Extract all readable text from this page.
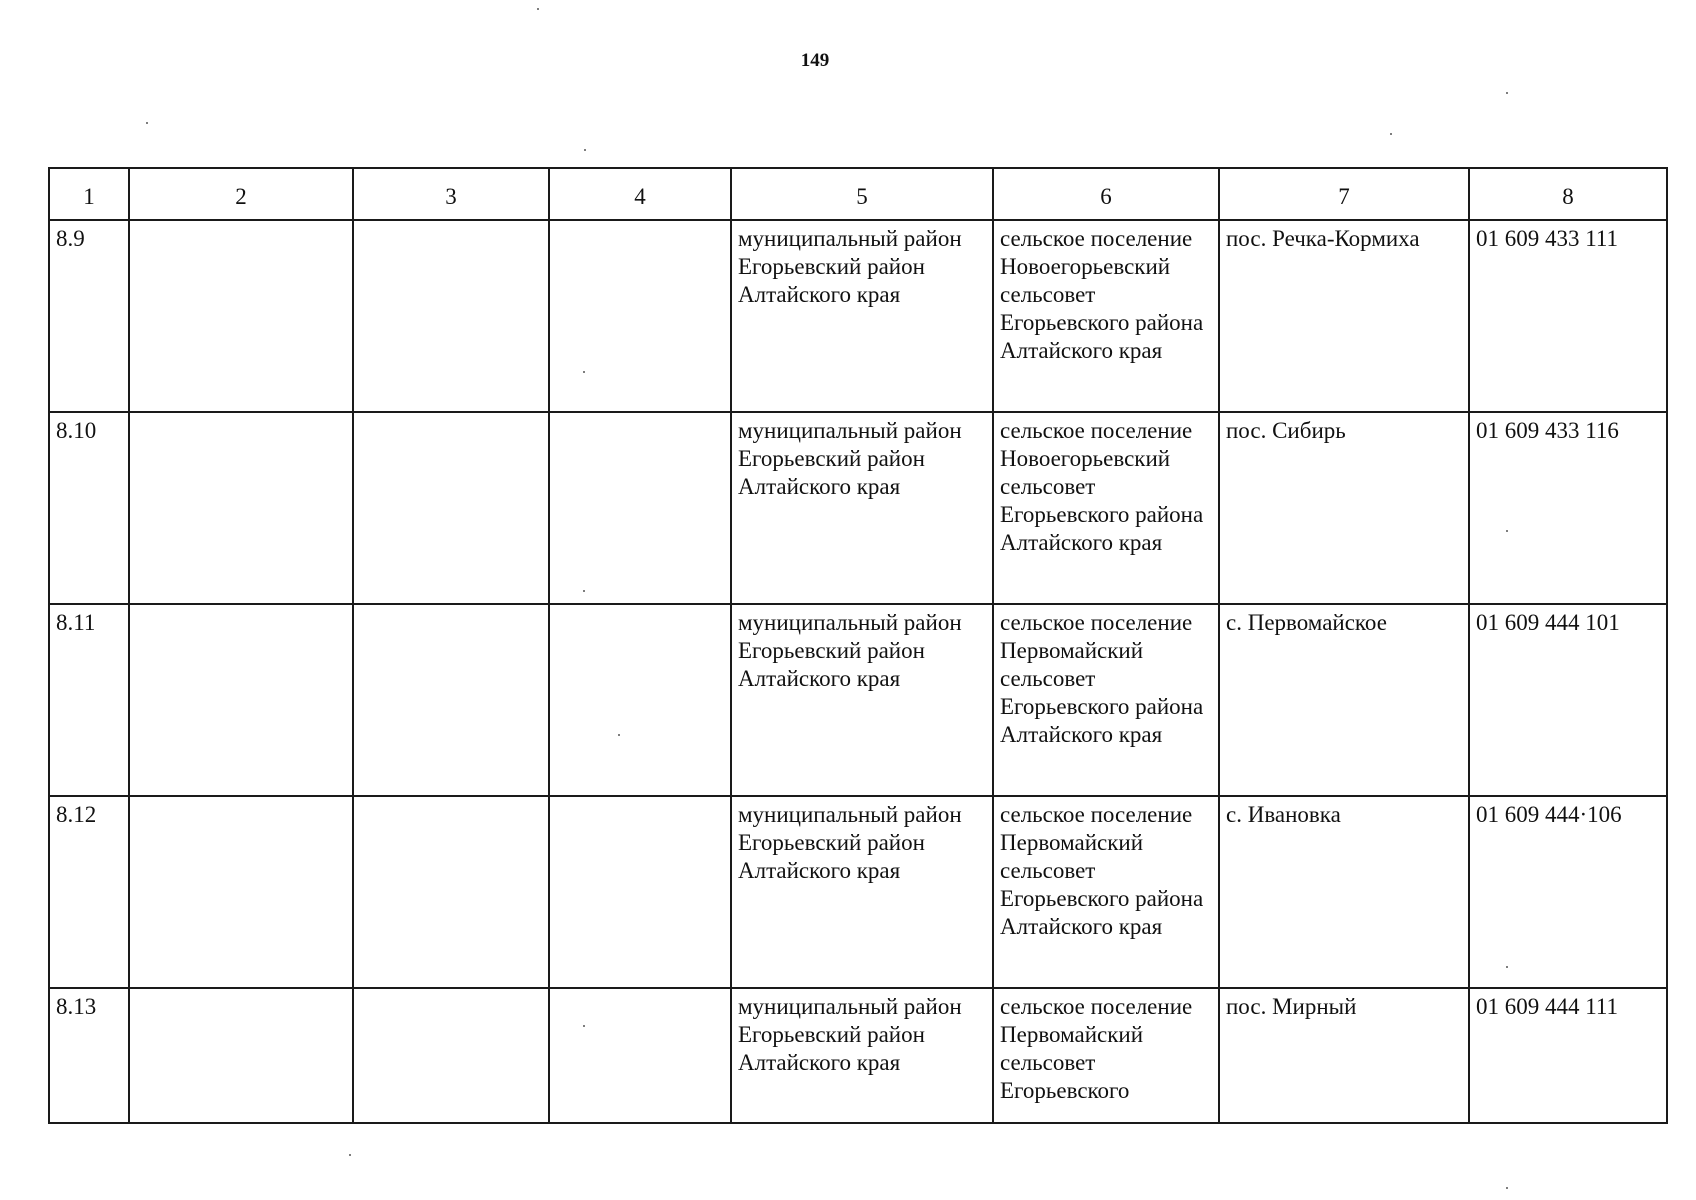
149
1	2	3	4	5	6	7	8
8.9				муниципальный район Егорьевский район Алтайского края	сельское поселение Новоегорьевский сельсовет Егорьевского района Алтайского края	пос. Речка-Кормиха	01 609 433 111
8.10				муниципальный район Егорьевский район Алтайского края	сельское поселение Новоегорьевский сельсовет Егорьевского района Алтайского края	пос. Сибирь	01 609 433 116
8.11				муниципальный район Егорьевский район Алтайского края	сельское поселение Первомайский сельсовет Егорьевского района Алтайского края	с. Первомайское	01 609 444 101
8.12				муниципальный район Егорьевский район Алтайского края	сельское поселение Первомайский сельсовет Егорьевского района Алтайского края	с. Ивановка	01 609 444·106
8.13				муниципальный район Егорьевский район Алтайского края	сельское поселение Первомайский сельсовет Егорьевского	пос. Мирный	01 609 444 111
